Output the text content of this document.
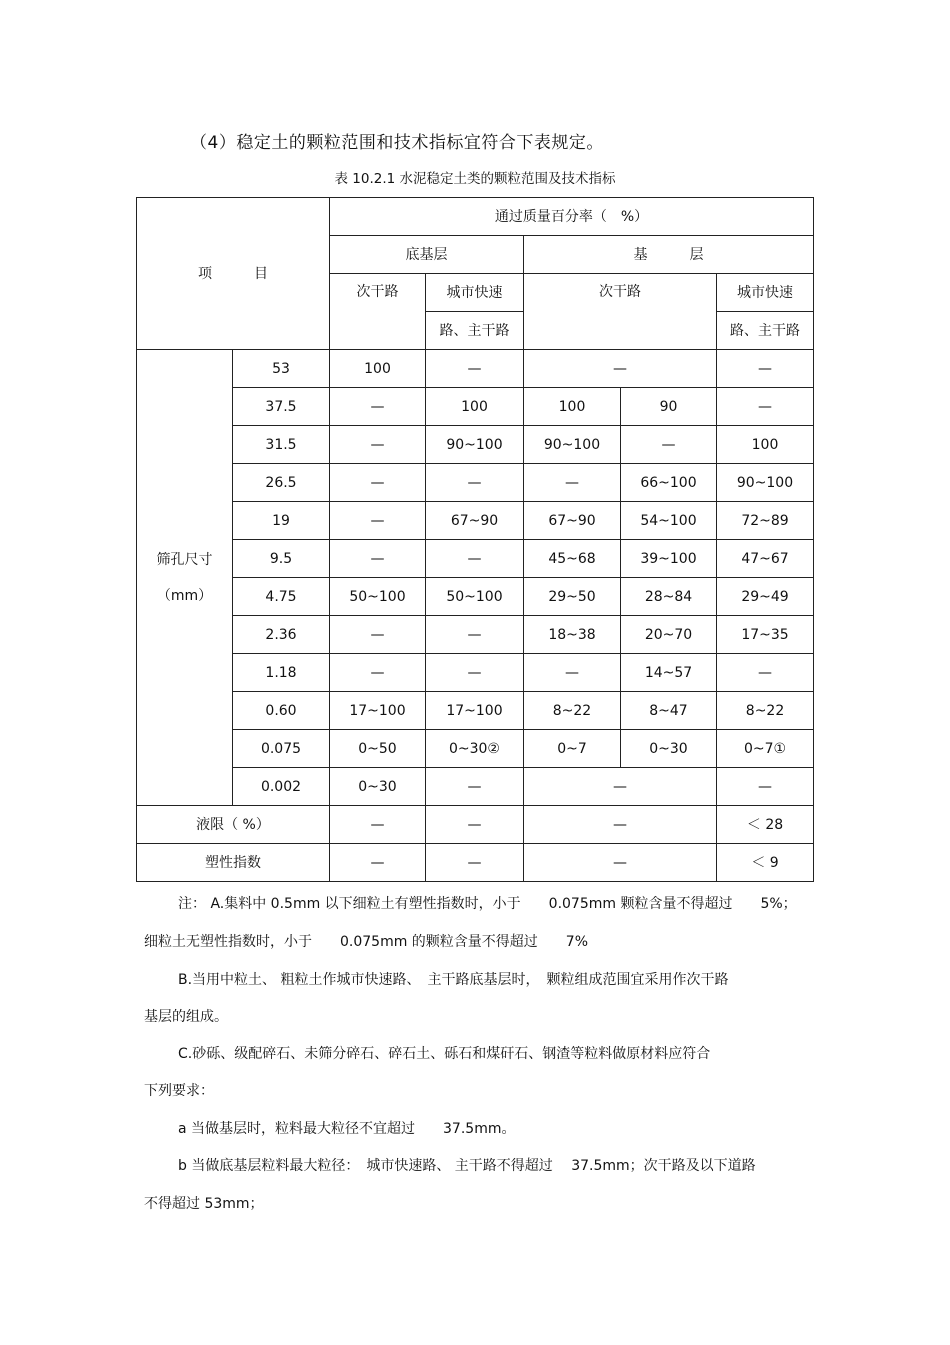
（4）稳定土的颗粒范围和技术指标宜符合下表规定。
表 10.2.1 水泥稳定土类的颗粒范围及技术指标
项　　　目		通过质量百分率（　%）				
		底基层		基　　　层		
		次干路	城市快速	次干路		城市快速
			路、主干路			路、主干路

筛孔尺寸
（mm）	53	100	—	—		—
	37.5	—	100	100	90	—
	31.5	—	90~100	90~100	—	100
	26.5	—	—	—	66~100	90~100
	19	—	67~90	67~90	54~100	72~89
	9.5	—	—	45~68	39~100	47~67
	4.75	50~100	50~100	29~50	28~84	29~49
	2.36	—	—	18~38	20~70	17~35
	1.18	—	—	—	14~57	—
	0.60	17~100	17~100	8~22	8~47	8~22
	0.075	0~50	0~30②	0~7	0~30	0~7①
	0.002	0~30	—	—		—
液限（ %）		—	—	—		＜ 28
塑性指数		—	—	—		＜ 9
注： A.集料中 0.5mm 以下细粒土有塑性指数时，小于　　0.075mm 颗粒含量不得超过　　5%；
细粒土无塑性指数时，小于　　0.075mm 的颗粒含量不得超过　　7%
B.当用中粒土、 粗粒土作城市快速路、　主干路底基层时，　颗粒组成范围宜采用作次干路
基层的组成。
C.砂砾、级配碎石、未筛分碎石、碎石土、砾石和煤矸石、钢渣等粒料做原材料应符合
下列要求：
a 当做基层时，粒料最大粒径不宜超过　　37.5mm。
b 当做底基层粒料最大粒径：　城市快速路、 主干路不得超过　 37.5mm；次干路及以下道路
不得超过 53mm；
